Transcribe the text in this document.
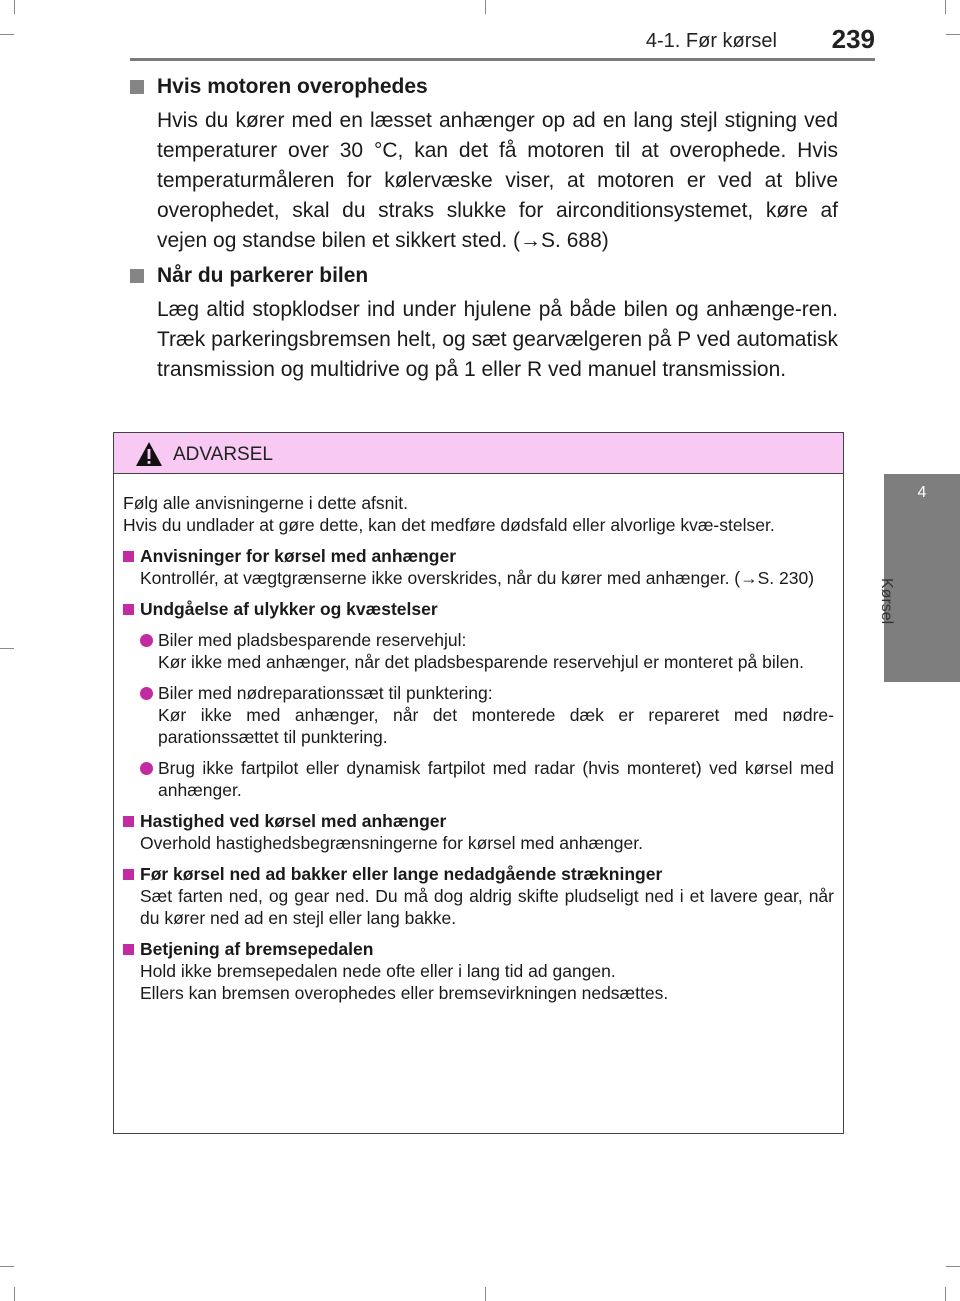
4-1. Før kørsel 239
4
Kørsel
Hvis motoren overophedes

Hvis du kører med en læsset anhænger op ad en lang stejl stigning ved temperaturer over 30 °C, kan det få motoren til at overophede. Hvis temperaturmåleren for kølervæske viser, at motoren er ved at blive overophedet, skal du straks slukke for airconditionsystemet, køre af vejen og standse bilen et sikkert sted. (→S. 688)

Når du parkerer bilen

Læg altid stopklodser ind under hjulene på både bilen og anhænge-ren. Træk parkeringsbremsen helt, og sæt gearvælgeren på P ved automatisk transmission og multidrive og på 1 eller R ved manuel transmission.

ADVARSEL

Følg alle anvisningerne i dette afsnit.

Hvis du undlader at gøre dette, kan det medføre dødsfald eller alvorlige kvæ-stelser.

Anvisninger for kørsel med anhænger

Kontrollér, at vægtgrænserne ikke overskrides, når du kører med anhænger. (→S. 230)

Undgåelse af ulykker og kvæstelser
Biler med pladsbesparende reservehjul:
Kør ikke med anhænger, når det pladsbesparende reservehjul er monteret på bilen.
Biler med nødreparationssæt til punktering:
Kør ikke med anhænger, når det monterede dæk er repareret med nødre-parationssættet til punktering.
Brug ikke fartpilot eller dynamisk fartpilot med radar (hvis monteret) ved kørsel med anhænger.
Hastighed ved kørsel med anhænger

Overhold hastighedsbegrænsningerne for kørsel med anhænger.

Før kørsel ned ad bakker eller lange nedadgående strækninger

Sæt farten ned, og gear ned. Du må dog aldrig skifte pludseligt ned i et lavere gear, når du kører ned ad en stejl eller lang bakke.

Betjening af bremsepedalen

Hold ikke bremsepedalen nede ofte eller i lang tid ad gangen.

Ellers kan bremsen overophedes eller bremsevirkningen nedsættes.
